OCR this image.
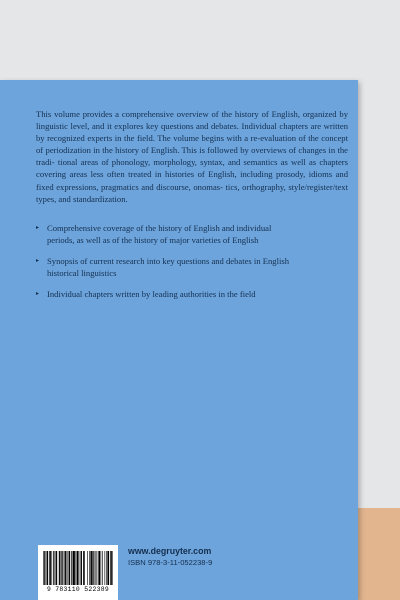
This volume provides a comprehensive overview of the history of English, organized by linguistic level, and it explores key questions and debates. Individual chapters are written by recognized experts in the field. The volume begins with a re-evaluation of the concept of periodization in the history of English. This is followed by overviews of changes in the tradi- tional areas of phonology, morphology, syntax, and semantics as well as chapters covering areas less often treated in histories of English, including prosody, idioms and fixed expressions, pragmatics and discourse, onomas- tics, orthography, style/register/text types, and standardization.

▸ Comprehensive coverage of the history of English and individual
periods, as well as of the history of major varieties of English
▸ Synopsis of current research into key questions and debates in English
historical linguistics
▸ Individual chapters written by leading authorities in the field
9 783110 522389
www.degruyter.com
ISBN 978-3-11-052238-9
